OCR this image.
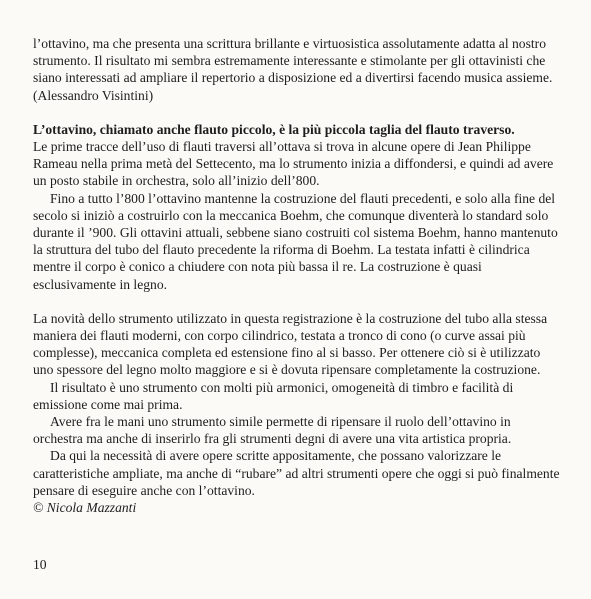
l’ottavino, ma che presenta una scrittura brillante e virtuosistica assolutamente adatta al nostro strumento. Il risultato mi sembra estremamente interessante e stimolante per gli ottavinisti che siano interessati ad ampliare il repertorio a disposizione ed a divertirsi facendo musica assieme. (Alessandro Visintini)

L’ottavino, chiamato anche flauto piccolo, è la più piccola taglia del flauto traverso.

Le prime tracce dell’uso di flauti traversi all’ottava si trova in alcune opere di Jean Philippe Rameau nella prima metà del Settecento, ma lo strumento inizia a diffondersi, e quindi ad avere un posto stabile in orchestra, solo all’inizio dell’800.

Fino a tutto l’800 l’ottavino mantenne la costruzione del flauti precedenti, e solo alla fine del secolo si iniziò a costruirlo con la meccanica Boehm, che comunque diventerà lo standard solo durante il ’900. Gli ottavini attuali, sebbene siano costruiti col sistema Boehm, hanno mantenuto la struttura del tubo del flauto precedente la riforma di Boehm. La testata infatti è cilindrica mentre il corpo è conico a chiudere con nota più bassa il re. La costruzione è quasi esclusivamente in legno.

La novità dello strumento utilizzato in questa registrazione è la costruzione del tubo alla stessa maniera dei flauti moderni, con corpo cilindrico, testata a tronco di cono (o curve assai più complesse), meccanica completa ed estensione fino al si basso. Per ottenere ciò si è utilizzato uno spessore del legno molto maggiore e si è dovuta ripensare completamente la costruzione.

Il risultato è uno strumento con molti più armonici, omogeneità di timbro e facilità di emissione come mai prima.

Avere fra le mani uno strumento simile permette di ripensare il ruolo dell’ottavino in orchestra ma anche di inserirlo fra gli strumenti degni di avere una vita artistica propria.

Da qui la necessità di avere opere scritte appositamente, che possano valorizzare le caratteristiche ampliate, ma anche di “rubare” ad altri strumenti opere che oggi si può finalmente pensare di eseguire anche con l’ottavino.

© Nicola Mazzanti

10
